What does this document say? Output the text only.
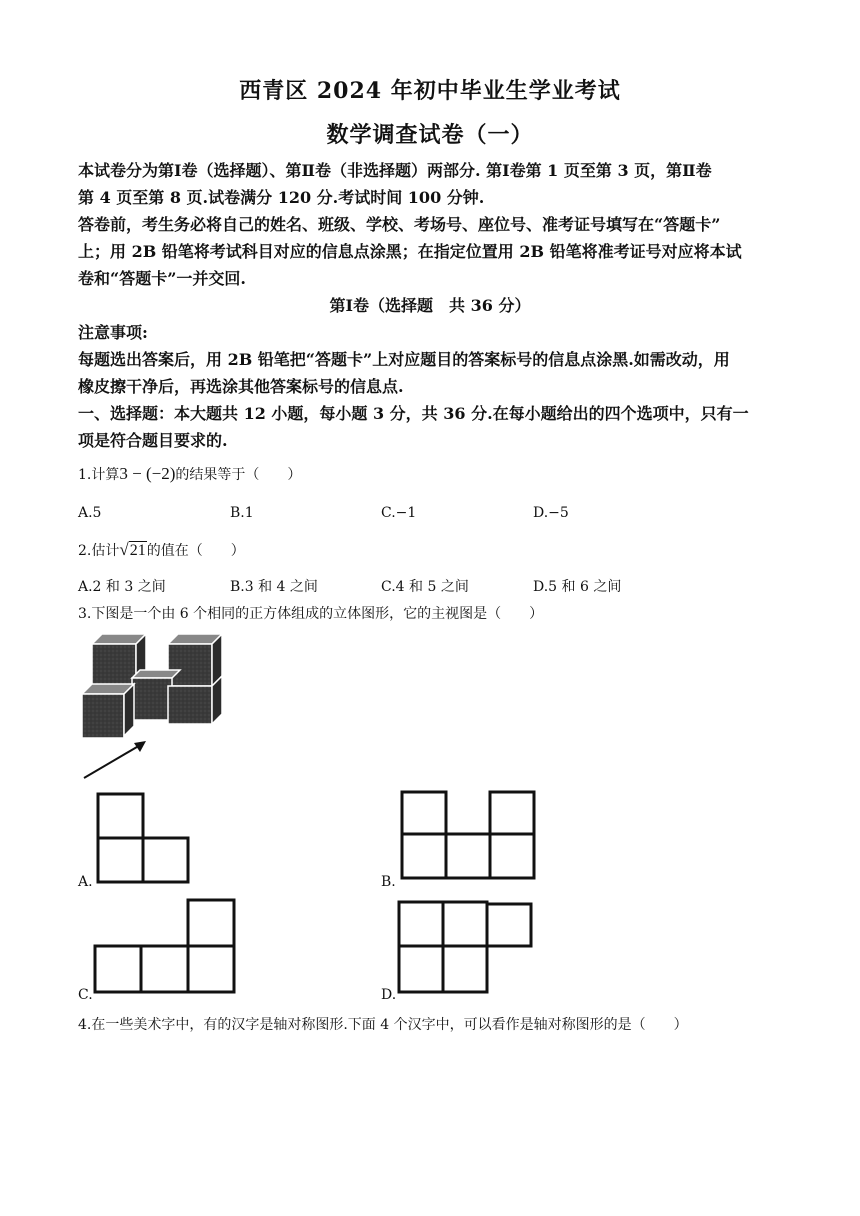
西青区 2024 年初中毕业生学业考试
数学调查试卷（一）
本试卷分为第Ⅰ卷（选择题）、第Ⅱ卷（非选择题）两部分. 第Ⅰ卷第 1 页至第 3 页，第Ⅱ卷
第 4 页至第 8 页.试卷满分 120 分.考试时间 100 分钟.
答卷前，考生务必将自己的姓名、班级、学校、考场号、座位号、准考证号填写在“答题卡”
上；用 2B 铅笔将考试科目对应的信息点涂黑；在指定位置用 2B 铅笔将准考证号对应将本试
卷和“答题卡”一并交回.
第Ⅰ卷（选择题　共 36 分）
注意事项:
每题选出答案后，用 2B 铅笔把“答题卡”上对应题目的答案标号的信息点涂黑.如需改动，用
橡皮擦干净后，再选涂其他答案标号的信息点.
一、选择题：本大题共 12 小题，每小题 3 分，共 36 分.在每小题给出的四个选项中，只有一
项是符合题目要求的.
1.计算3 − (−2)的结果等于（　　）
A.5	B.1	C.−1	D.−5
2.估计√21的值在（　　）
A.2 和 3 之间	B.3 和 4 之间	C.4 和 5 之间	D.5 和 6 之间
3.下图是一个由 6 个相同的正方体组成的立体图形，它的主视图是（　　）
A.	B.
C.	D.
4.在一些美术字中，有的汉字是轴对称图形.下面 4 个汉字中，可以看作是轴对称图形的是（　　）
